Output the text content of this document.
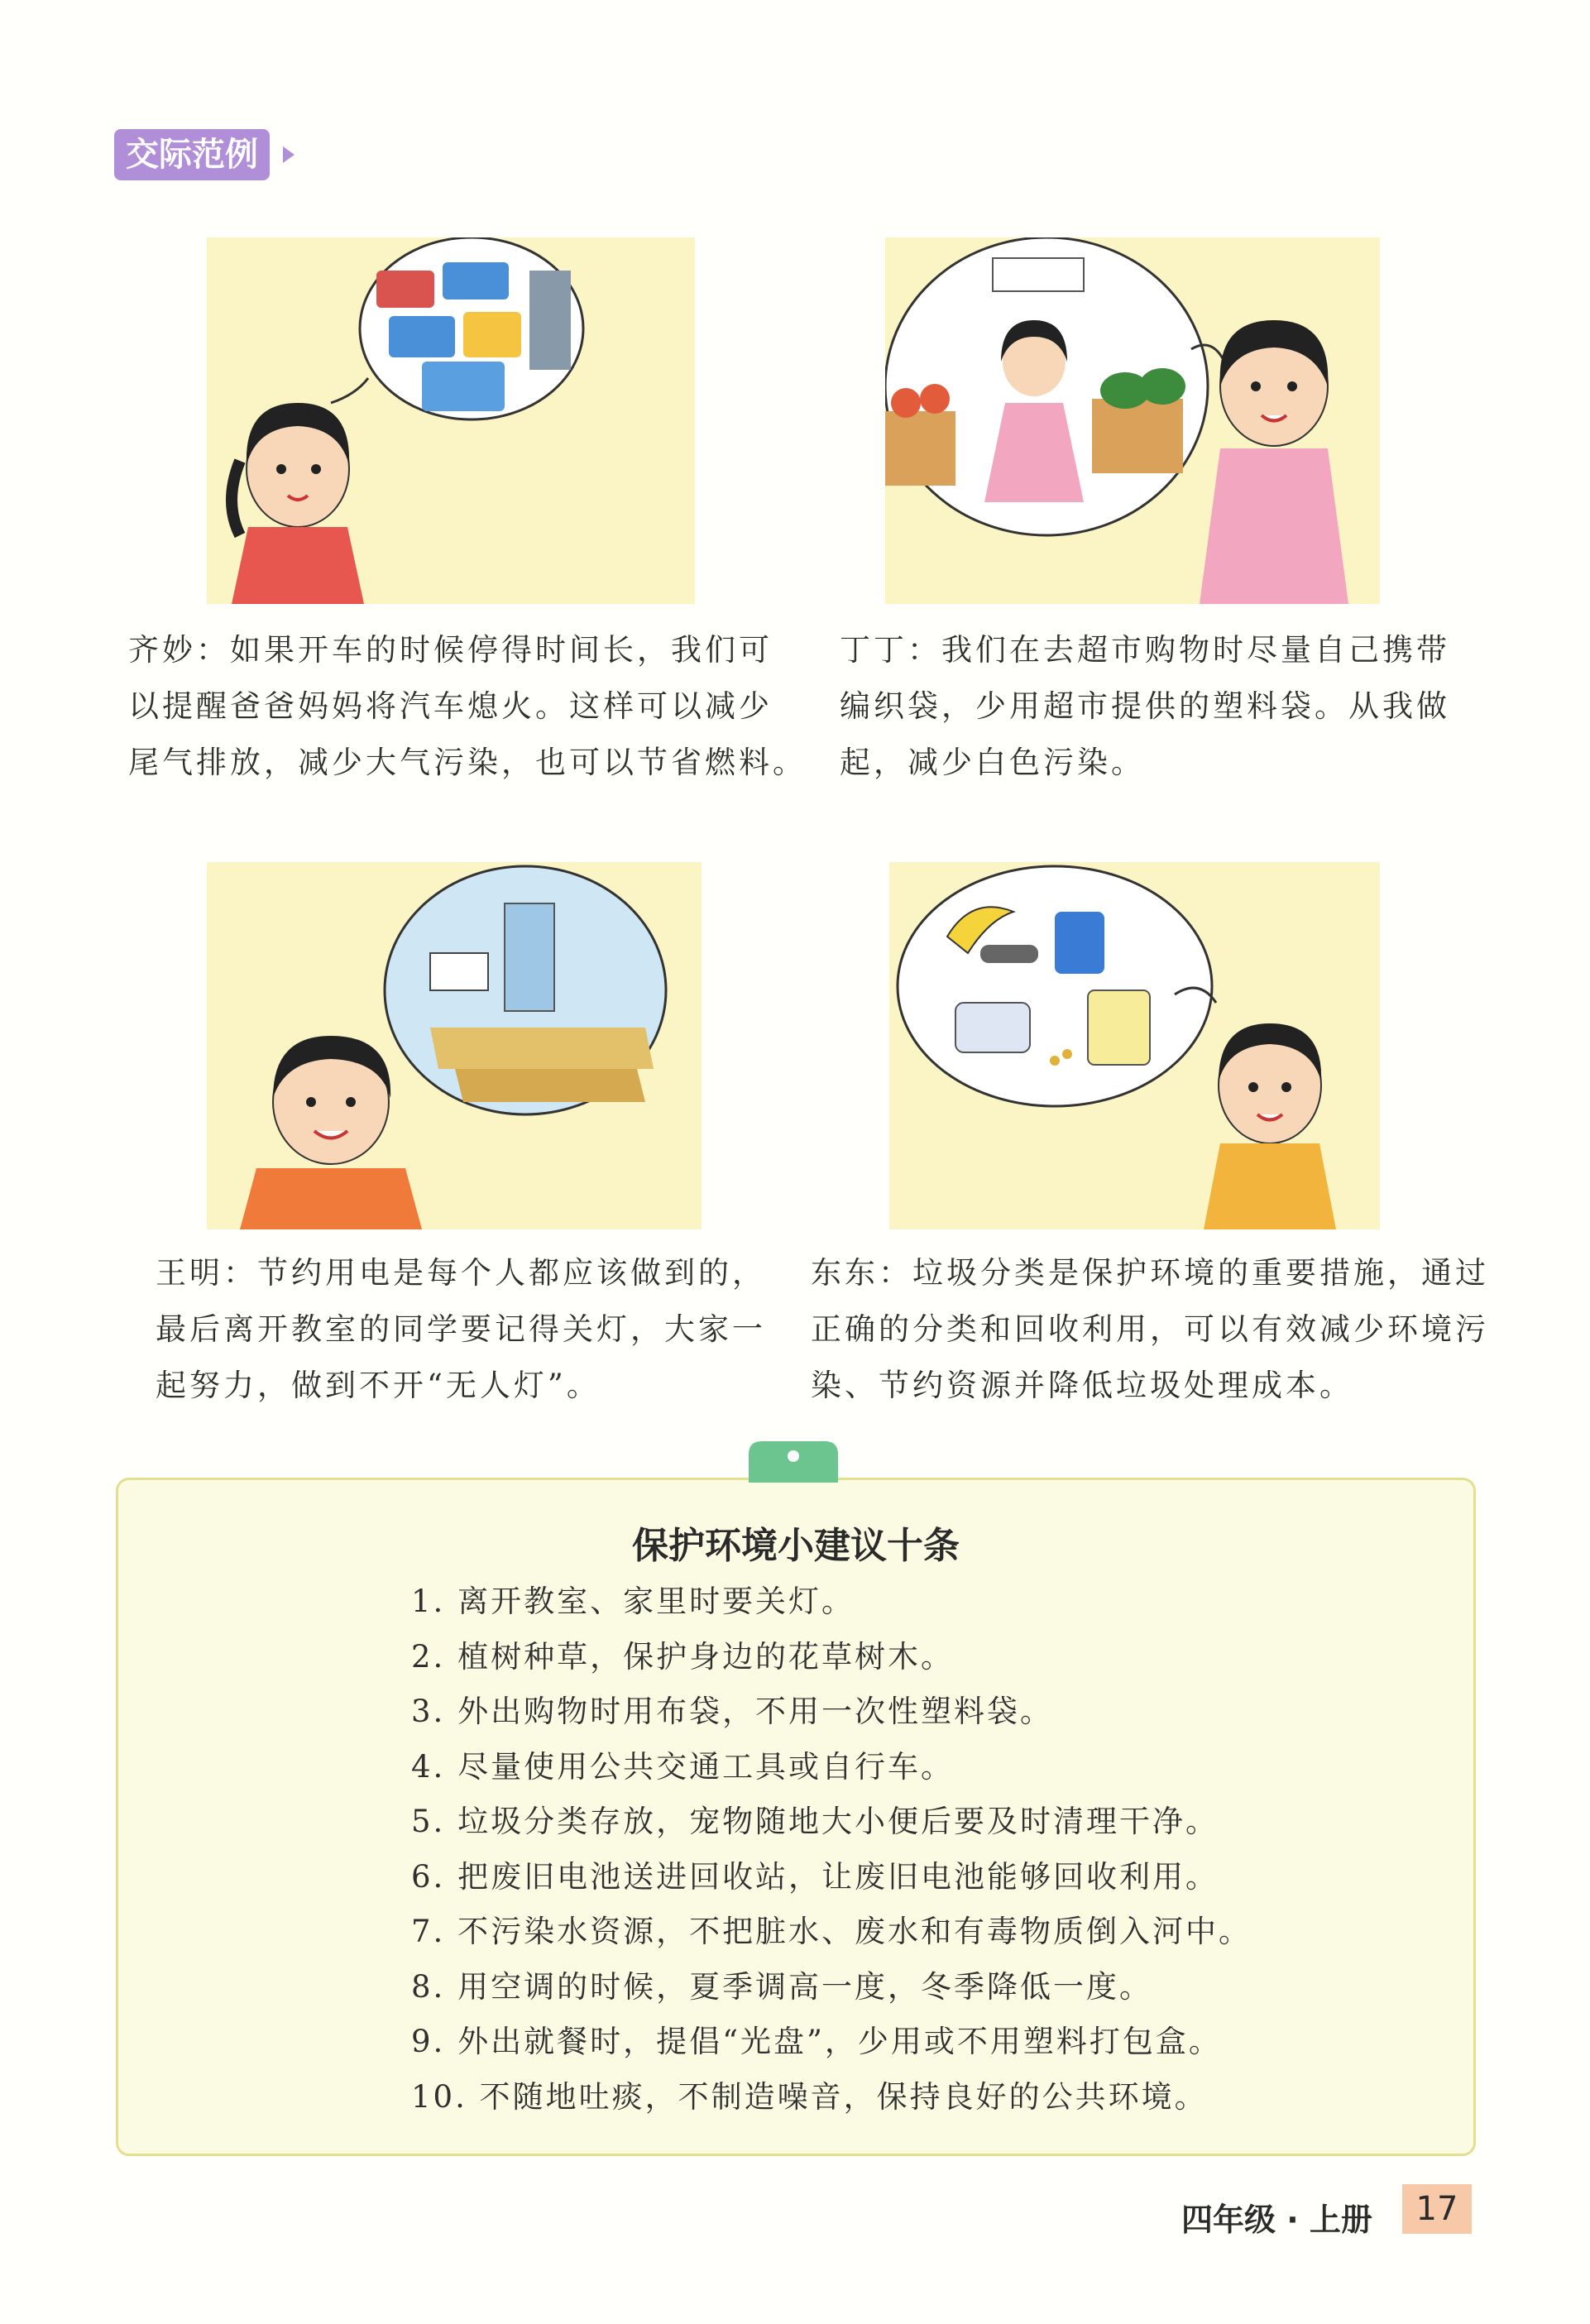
交际范例
齐妙：如果开车的时候停得时间长，我们可
以提醒爸爸妈妈将汽车熄火。这样可以减少
尾气排放，减少大气污染，也可以节省燃料。
丁丁：我们在去超市购物时尽量自己携带
编织袋，少用超市提供的塑料袋。从我做
起，减少白色污染。
王明：节约用电是每个人都应该做到的，
最后离开教室的同学要记得关灯，大家一
起努力，做到不开“无人灯”。
东东：垃圾分类是保护环境的重要措施，通过
正确的分类和回收利用，可以有效减少环境污
染、节约资源并降低垃圾处理成本。
保护环境小建议十条
1. 离开教室、家里时要关灯。
2. 植树种草，保护身边的花草树木。
3. 外出购物时用布袋，不用一次性塑料袋。
4. 尽量使用公共交通工具或自行车。
5. 垃圾分类存放，宠物随地大小便后要及时清理干净。
6. 把废旧电池送进回收站，让废旧电池能够回收利用。
7. 不污染水资源，不把脏水、废水和有毒物质倒入河中。
8. 用空调的时候，夏季调高一度，冬季降低一度。
9. 外出就餐时，提倡“光盘”，少用或不用塑料打包盒。
10. 不随地吐痰，不制造噪音，保持良好的公共环境。
四年级 · 上册	17
